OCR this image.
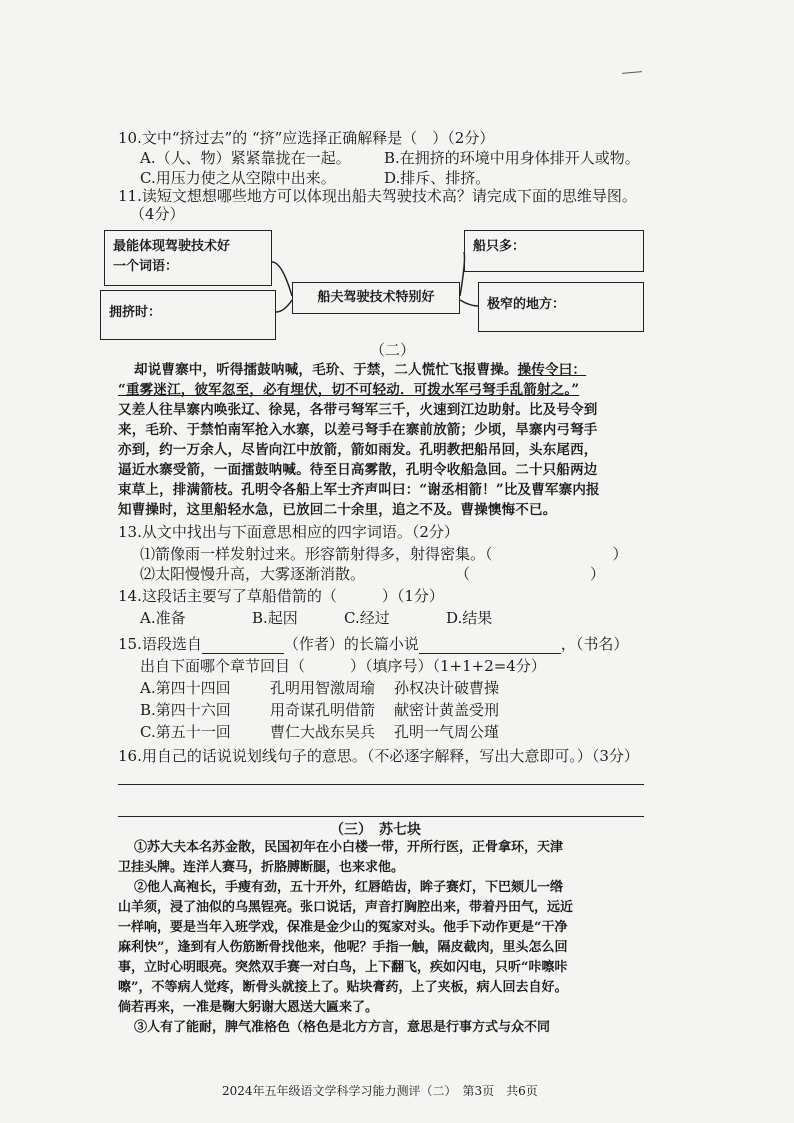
10.文中“挤过去”的 “挤”应选择正确解释是（　）（2分）
A.（人、物）紧紧靠拢在一起。 B.在拥挤的环境中用身体排开人或物。
C.用压力使之从空隙中出来。	D.排斥、排挤。
11.读短文想想哪些地方可以体现出船夫驾驶技术高？请完成下面的思维导图。
（4分）
最能体现驾驶技术好
一个词语：
拥挤时：
船夫驾驶技术特别好
船只多：
极窄的地方：
（二）
却说曹寨中，听得擂鼓呐喊，毛玠、于禁，二人慌忙飞报曹操。操传令曰：
“重雾迷江，彼军忽至，必有埋伏，切不可轻动．可拨水军弓弩手乱箭射之。”
又差人往旱寨内唤张辽、徐晃，各带弓弩军三千，火速到江边助射。比及号令到
来，毛玠、于禁怕南军抢入水寨，以差弓弩手在寨前放箭；少顷，旱寨内弓弩手
亦到，约一万余人，尽皆向江中放箭，箭如雨发。孔明教把船吊回，头东尾西，
逼近水寨受箭，一面擂鼓呐喊。待至日高雾散，孔明令收船急回。二十只船两边
束草上，排满箭枝。孔明令各船上军士齐声叫曰：“谢丞相箭！”比及曹军寨内报
知曹操时，这里船轻水急，已放回二十余里，追之不及。曹操懊悔不已。
13.从文中找出与下面意思相应的四字词语。（2分）
⑴箭像雨一样发射过来。形容箭射得多，射得密集。（　　　　　　　　）
⑵太阳慢慢升高，大雾逐渐消散。　　　　　　　（　　　　　　　　）
14.这段话主要写了草船借箭的（　　　）（1分）
A.准备	B.起因	C.经过	D.结果
15.语段选自	（作者）的长篇小说	，（书名）
出自下面哪个章节回目（　　　）（填序号）（1+1+2=4分）
A.第四十四回	孔明用智激周瑜 孙权决计破曹操
B.第四十六回	用奇谋孔明借箭 献密计黄盖受刑
C.第五十一回	曹仁大战东吴兵 孔明一气周公瑾
16.用自己的话说说划线句子的意思。（不必逐字解释，写出大意即可。）（3分）
（三）　苏七块
①苏大夫本名苏金散，民国初年在小白楼一带，开所行医，正骨拿环，天津
卫挂头牌。连洋人赛马，折胳膊断腿，也来求他。
②他人高袍长，手瘦有劲，五十开外，红唇皓齿，眸子赛灯，下巴颏儿一绺
山羊须，浸了油似的乌黑锃亮。张口说话，声音打胸腔出来，带着丹田气，远近
一样响，要是当年入班学戏，保准是金少山的冤家对头。他手下动作更是“干净
麻利快”，逢到有人伤筋断骨找他来，他呢？手指一触，隔皮截肉，里头怎么回
事，立时心明眼亮。突然双手赛一对白鸟，上下翻飞，疾如闪电，只听“咔嚓咔
嚓”，不等病人觉疼，断骨头就接上了。贴块膏药，上了夹板，病人回去自好。
倘若再来，一准是鞠大躬谢大恩送大匾来了。
③人有了能耐，脾气准格色（格色是北方方言，意思是行事方式与众不同
2024年五年级语文学科学习能力测评（二）　第3页　共6页
